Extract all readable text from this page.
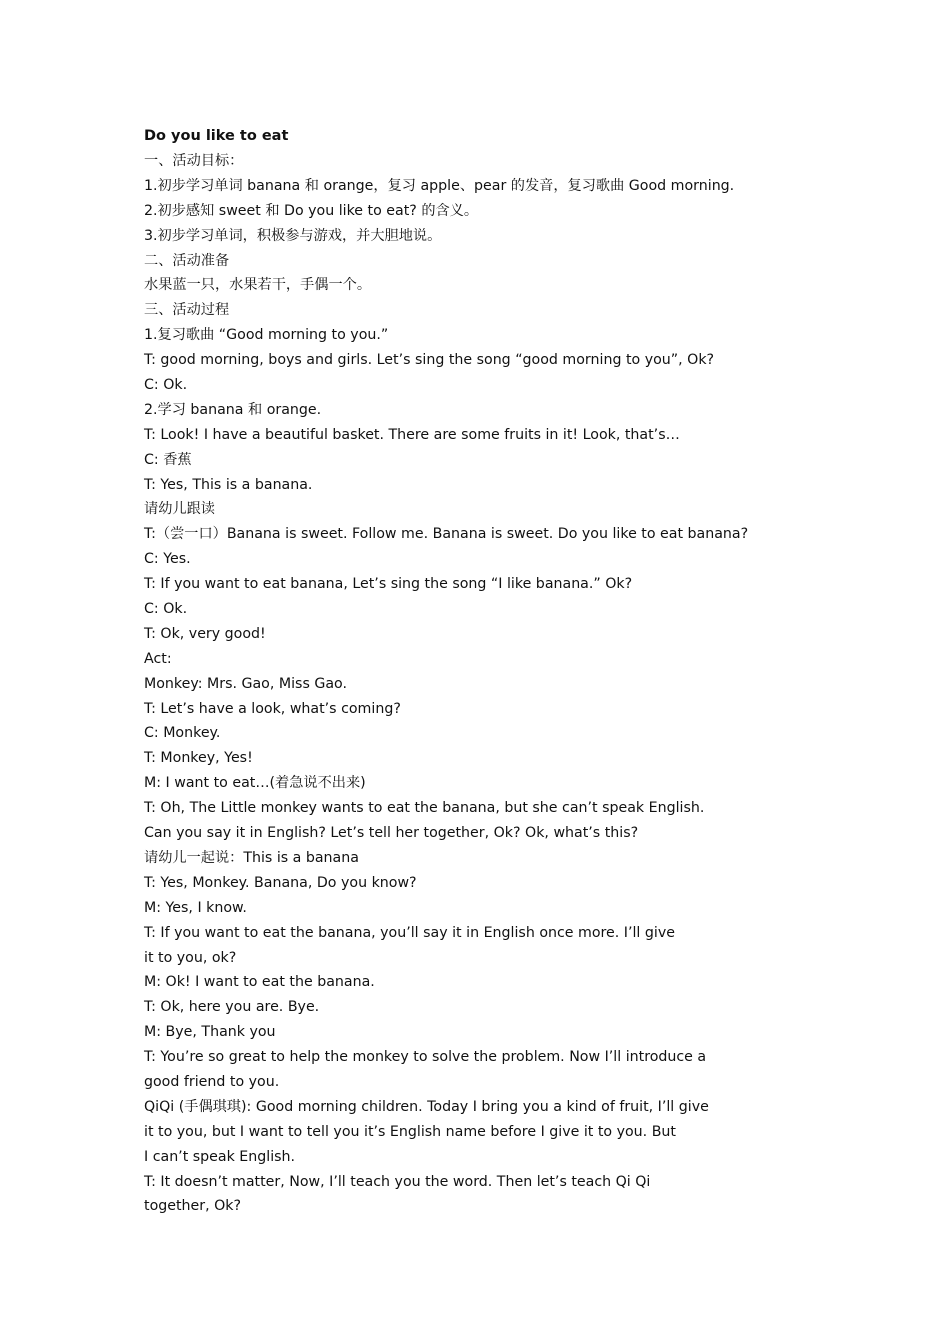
Do you like to eat
一、活动目标：
1.初步学习单词 banana 和 orange，复习 apple、pear 的发音，复习歌曲 Good morning.
2.初步感知 sweet 和 Do you like to eat? 的含义。
3.初步学习单词，积极参与游戏，并大胆地说。
二、活动准备
水果蓝一只，水果若干，手偶一个。
三、活动过程
1.复习歌曲 “Good morning to you.”
T: good morning, boys and girls. Let’s sing the song “good morning to you”, Ok?
C: Ok.
2.学习 banana 和 orange.
T: Look! I have a beautiful basket. There are some fruits in it! Look, that’s…
C: 香蕉
T: Yes, This is a banana.
请幼儿跟读
T:（尝一口）Banana is sweet. Follow me. Banana is sweet. Do you like to eat banana?
C: Yes.
T: If you want to eat banana, Let’s sing the song “I like banana.” Ok?
C: Ok.
T: Ok, very good!
Act:
Monkey: Mrs. Gao, Miss Gao.
T: Let’s have a look, what’s coming?
C: Monkey.
T: Monkey, Yes!
M: I want to eat…(着急说不出来)
T: Oh, The Little monkey wants to eat the banana, but she can’t speak English.
Can you say it in English? Let’s tell her together, Ok? Ok, what’s this?
请幼儿一起说：This is a banana
T: Yes, Monkey. Banana, Do you know?
M: Yes, I know.
T: If you want to eat the banana, you’ll say it in English once more. I’ll give
it to you, ok?
M: Ok! I want to eat the banana.
T: Ok, here you are. Bye.
M: Bye, Thank you
T: You’re so great to help the monkey to solve the problem. Now I’ll introduce a
good friend to you.
QiQi (手偶琪琪): Good morning children. Today I bring you a kind of fruit, I’ll give
it to you, but I want to tell you it’s English name before I give it to you. But
I can’t speak English.
T: It doesn’t matter, Now, I’ll teach you the word. Then let’s teach Qi Qi
together, Ok?
